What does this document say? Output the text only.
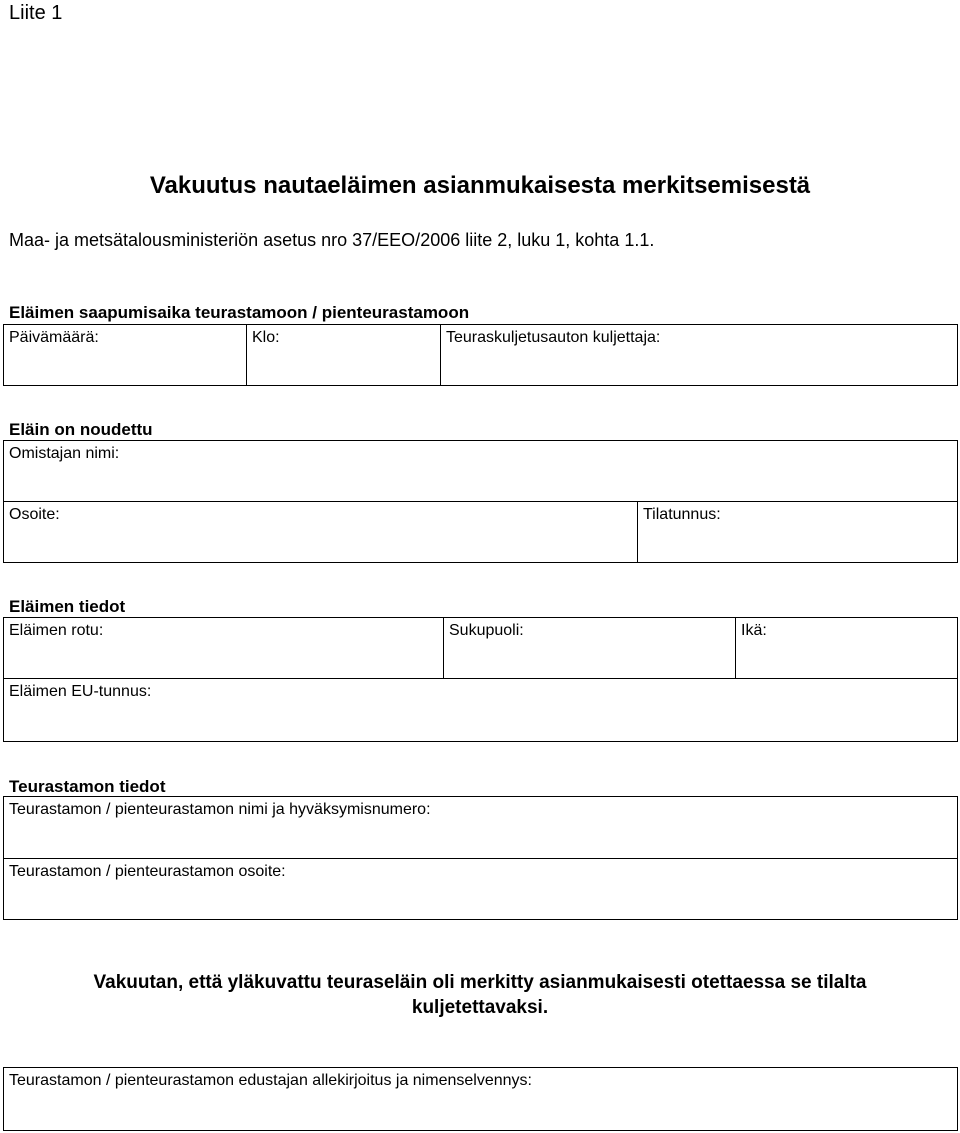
Liite 1
Vakuutus nautaeläimen asianmukaisesta merkitsemisestä
Maa- ja metsätalousministeriön asetus nro 37/EEO/2006 liite 2, luku 1, kohta 1.1.
Eläimen saapumisaika teurastamoon / pienteurastamoon
Päivämäärä:	Klo:	Teuraskuljetusauton kuljettaja:
Eläin on noudettu
Omistajan nimi:
Osoite:	Tilatunnus:
Eläimen tiedot
Eläimen rotu:	Sukupuoli:	Ikä:
Eläimen EU-tunnus:
Teurastamon tiedot
Teurastamon / pienteurastamon nimi ja hyväksymisnumero:
Teurastamon / pienteurastamon osoite:
Vakuutan, että yläkuvattu teuraseläin oli merkitty asianmukaisesti otettaessa se tilalta
kuljetettavaksi.
Teurastamon / pienteurastamon edustajan allekirjoitus ja nimenselvennys:
